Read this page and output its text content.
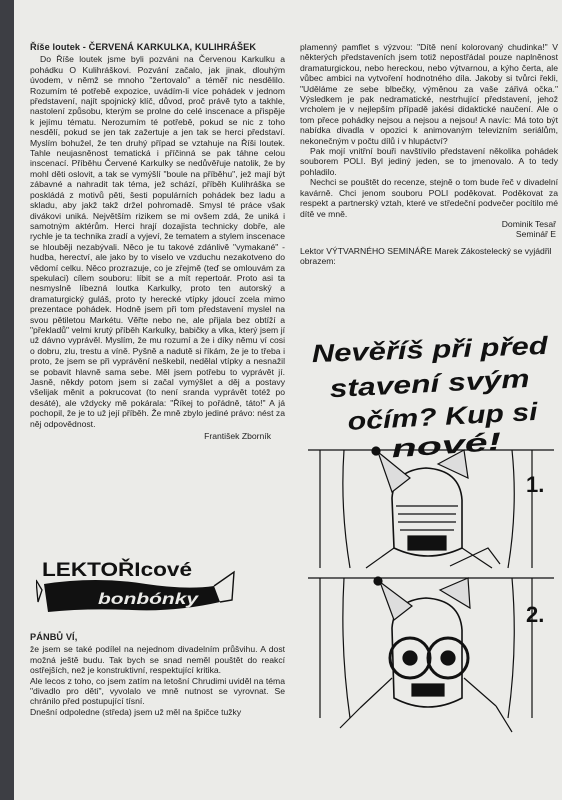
Říše loutek - ČERVENÁ KARKULKA, KULIHRÁŠEK

Do Říše loutek jsme byli pozváni na Červenou Karkulku a pohádku O Kulihráškovi. Pozvání začalo, jak jinak, dlouhým úvodem, v němž se mnoho "žertovalo" a téměř nic nesdělilo. Rozumím té potřebě expozice, uvádím-li více pohádek v jednom představení, najít spojnický klíč, důvod, proč právě tyto a takhle, nastolení způsobu, kterým se prolne do celé inscenace a přispěje k jejímu tématu. Nerozumím té potřebě, pokud se nic z toho nesdělí, pokud se jen tak zažertuje a jen tak se herci představí. Myslím bohužel, že ten druhý případ se vztahuje na Říši loutek. Tahle neujasněnost tematická i příčinná se pak táhne celou inscenací. Příběhu Červené Karkulky se nedůvěřuje natolik, že by mohl děti oslovit, a tak se vymýšlí "boule na příběhu", jež mají být zábavné a nahradit tak téma, jež schází, příběh Kulihráška se poskládá z motivů pěti, šesti populárních pohádek bez ladu a skladu, aby jakž takž držel pohromadě. Smysl té práce však divákovi uniká. Největším rizikem se mi ovšem zdá, že uniká i samotným aktérům. Herci hrají dozajista technicky dobře, ale rychle je ta technika zradí a vyjeví, že tematem a stylem inscenace se hlouběji nezabývali. Něco je tu takové zdánlivě "vymakané" - hudba, herectví, ale jako by to viselo ve vzduchu nezakotveno do vědomí celku. Něco prozrazuje, co je zřejmě (teď se omlouvám za spekulaci) cílem souboru: líbit se a mít repertoár. Proto asi ta nesmyslně líbezná loutka Karkulky, proto ten autorský a dramaturgický guláš, proto ty herecké vtípky jdoucí zcela mimo prezentace pohádek. Hodně jsem při tom představení myslel na svou pětiletou Markétu. Věřte nebo ne, ale přijala bez obtíží a "překladů" velmi krutý příběh Karkulky, babičky a vlka, který jsem jí už dávno vyprávěl. Myslím, že mu rozumí a že i díky němu ví cosi o dobru, zlu, trestu a víně. Pyšně a nadutě si říkám, že je to třeba i proto, že jsem se při vyprávění neškebil, nedělal vtípky a nesnažil se pobavit hlavně sama sebe. Měl jsem potřebu to vyprávět jí. Jasně, někdy potom jsem si začal vymýšlet a děj a postavy všelijak měnit a pokrucovat (to není sranda vyprávět totéž po desáté), ale vždycky mě pokárala: "Říkej to pořádně, táto!" A já pochopil, že je to už její příběh. Že mně zbylo jediné právo: nést za něj odpovědnost.

František Zborník

LEKTOŘIcové
bonbónky

PÁNBŮ VÍ,

že jsem se také podílel na nejednom divadelním průšvihu. A dost možná ještě budu. Tak bych se snad neměl pouštět do reakcí ostřejších, než je konstruktivní, respektující kritika.

Ale lecos z toho, co jsem zatím na letošní Chrudimi uviděl na téma "divadlo pro děti", vyvolalo ve mně nutnost se vyrovnat. Se chránilo před postupující tísní.

Dnešní odpoledne (středa) jsem už měl na špičce tužky

plamenný pamflet s výzvou: "Dítě není kolorovaný chudinka!" V některých představeních jsem totiž nepostřádal pouze naplněnost dramaturgickou, nebo hereckou, nebo výtvarnou, a kýho čerta, ale vůbec ambici na vytvoření hodnotného díla. Jakoby si tvůrci řekli, "Uděláme ze sebe blbečky, výměnou za vaše zářivá očka." Výsledkem je pak nedramatické, nestrhující představení, jehož vrcholem je v nejlepším případě jakési didaktické naučení. Ale o tom přece pohádky nejsou a nejsou a nejsou! A navíc: Má toto být nabídka divadla v opozici k animovaným televizním seriálům, nekonečným v počtu dílů i v hlupáctví?

Pak mojí vnitřní bouři navštívilo představení několika pohádek souborem POLI. Byl jediný jeden, se to jmenovalo. A to tedy pohladilo.

Nechci se pouštět do recenze, stejně o tom bude řeč v divadelní kavárně. Chci jenom souboru POLI poděkovat. Poděkovat za respekt a partnerský vztah, které ve středeční podvečer pocítilo mé dítě ve mně.

Dominik Tesař

Seminář E

Lektor VÝTVARNÉHO SEMINÁŘE Marek Zákostelecký se vyjádřil obrazem:

Nevěříš při před
stavení svým
očím? Kup si
nové!
1.
2.
